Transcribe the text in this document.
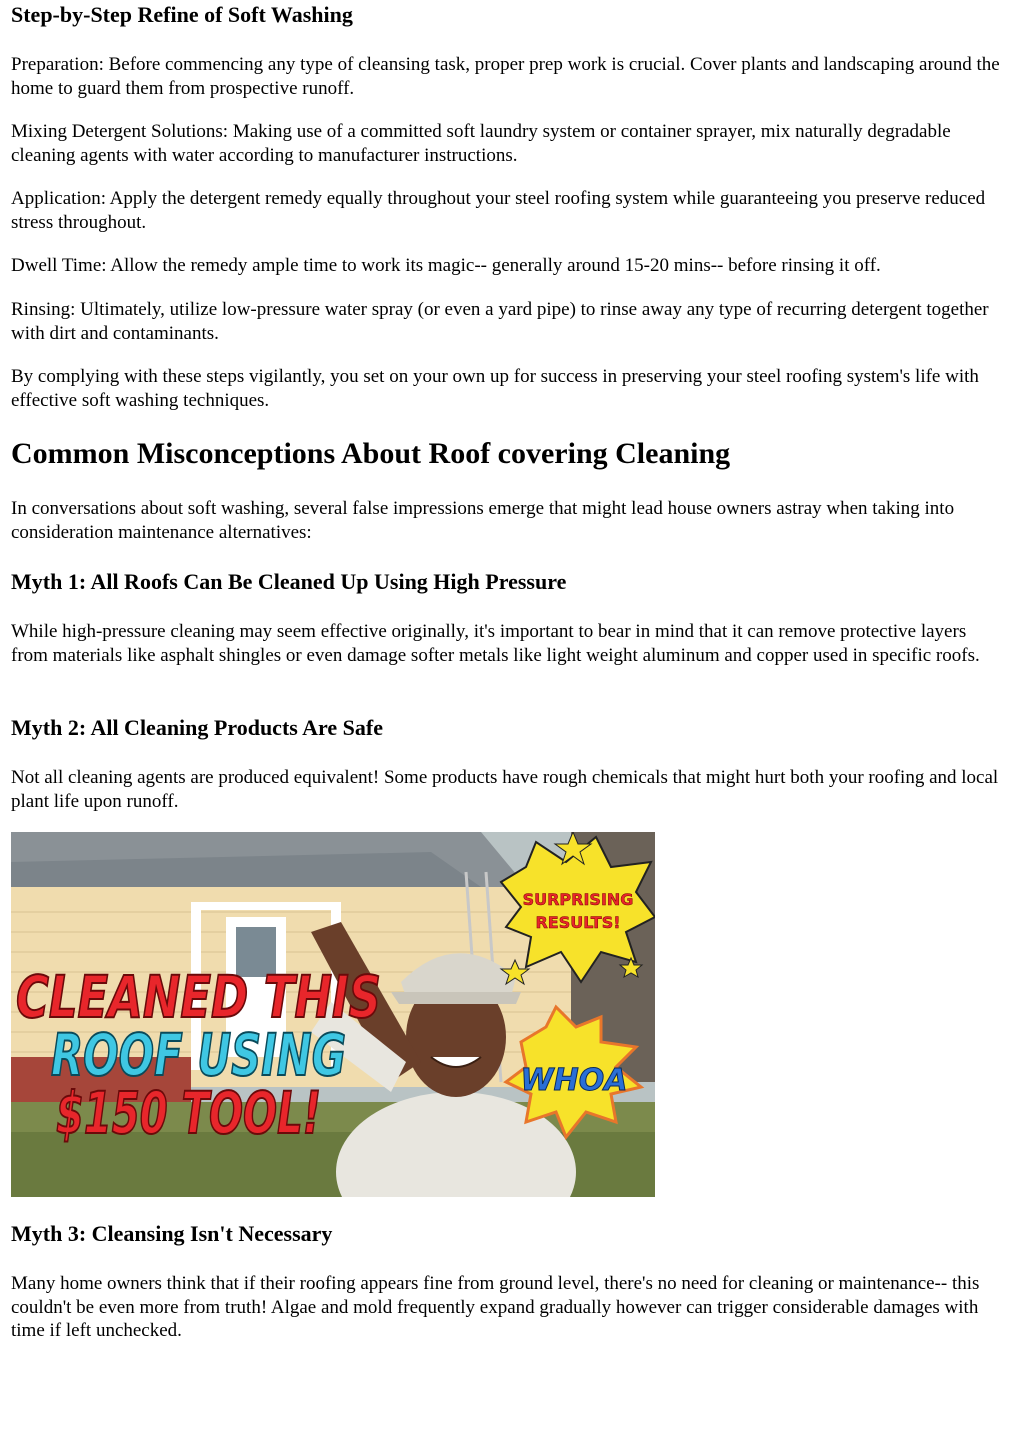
Step-by-Step Refine of Soft Washing

Preparation: Before commencing any type of cleansing task, proper prep work is crucial. Cover plants and landscaping around the home to guard them from prospective runoff.

Mixing Detergent Solutions: Making use of a committed soft laundry system or container sprayer, mix naturally degradable cleaning agents with water according to manufacturer instructions.

Application: Apply the detergent remedy equally throughout your steel roofing system while guaranteeing you preserve reduced stress throughout.

Dwell Time: Allow the remedy ample time to work its magic-- generally around 15-20 mins-- before rinsing it off.

Rinsing: Ultimately, utilize low-pressure water spray (or even a yard pipe) to rinse away any type of recurring detergent together with dirt and contaminants.

By complying with these steps vigilantly, you set on your own up for success in preserving your steel roofing system's life with effective soft washing techniques.

Common Misconceptions About Roof covering Cleaning

In conversations about soft washing, several false impressions emerge that might lead house owners astray when taking into consideration maintenance alternatives:

Myth 1: All Roofs Can Be Cleaned Up Using High Pressure

While high-pressure cleaning may seem effective originally, it's important to bear in mind that it can remove protective layers from materials like asphalt shingles or even damage softer metals like light weight aluminum and copper used in specific roofs.

Myth 2: All Cleaning Products Are Safe

Not all cleaning agents are produced equivalent! Some products have rough chemicals that might hurt both your roofing and local plant life upon runoff.

SURPRISING
RESULTS!
WHOA
CLEANED THIS
ROOF USING
$150 TOOL!
Myth 3: Cleansing Isn't Necessary

Many home owners think that if their roofing appears fine from ground level, there's no need for cleaning or maintenance-- this couldn't be even more from truth! Algae and mold frequently expand gradually however can trigger considerable damages with time if left unchecked.
